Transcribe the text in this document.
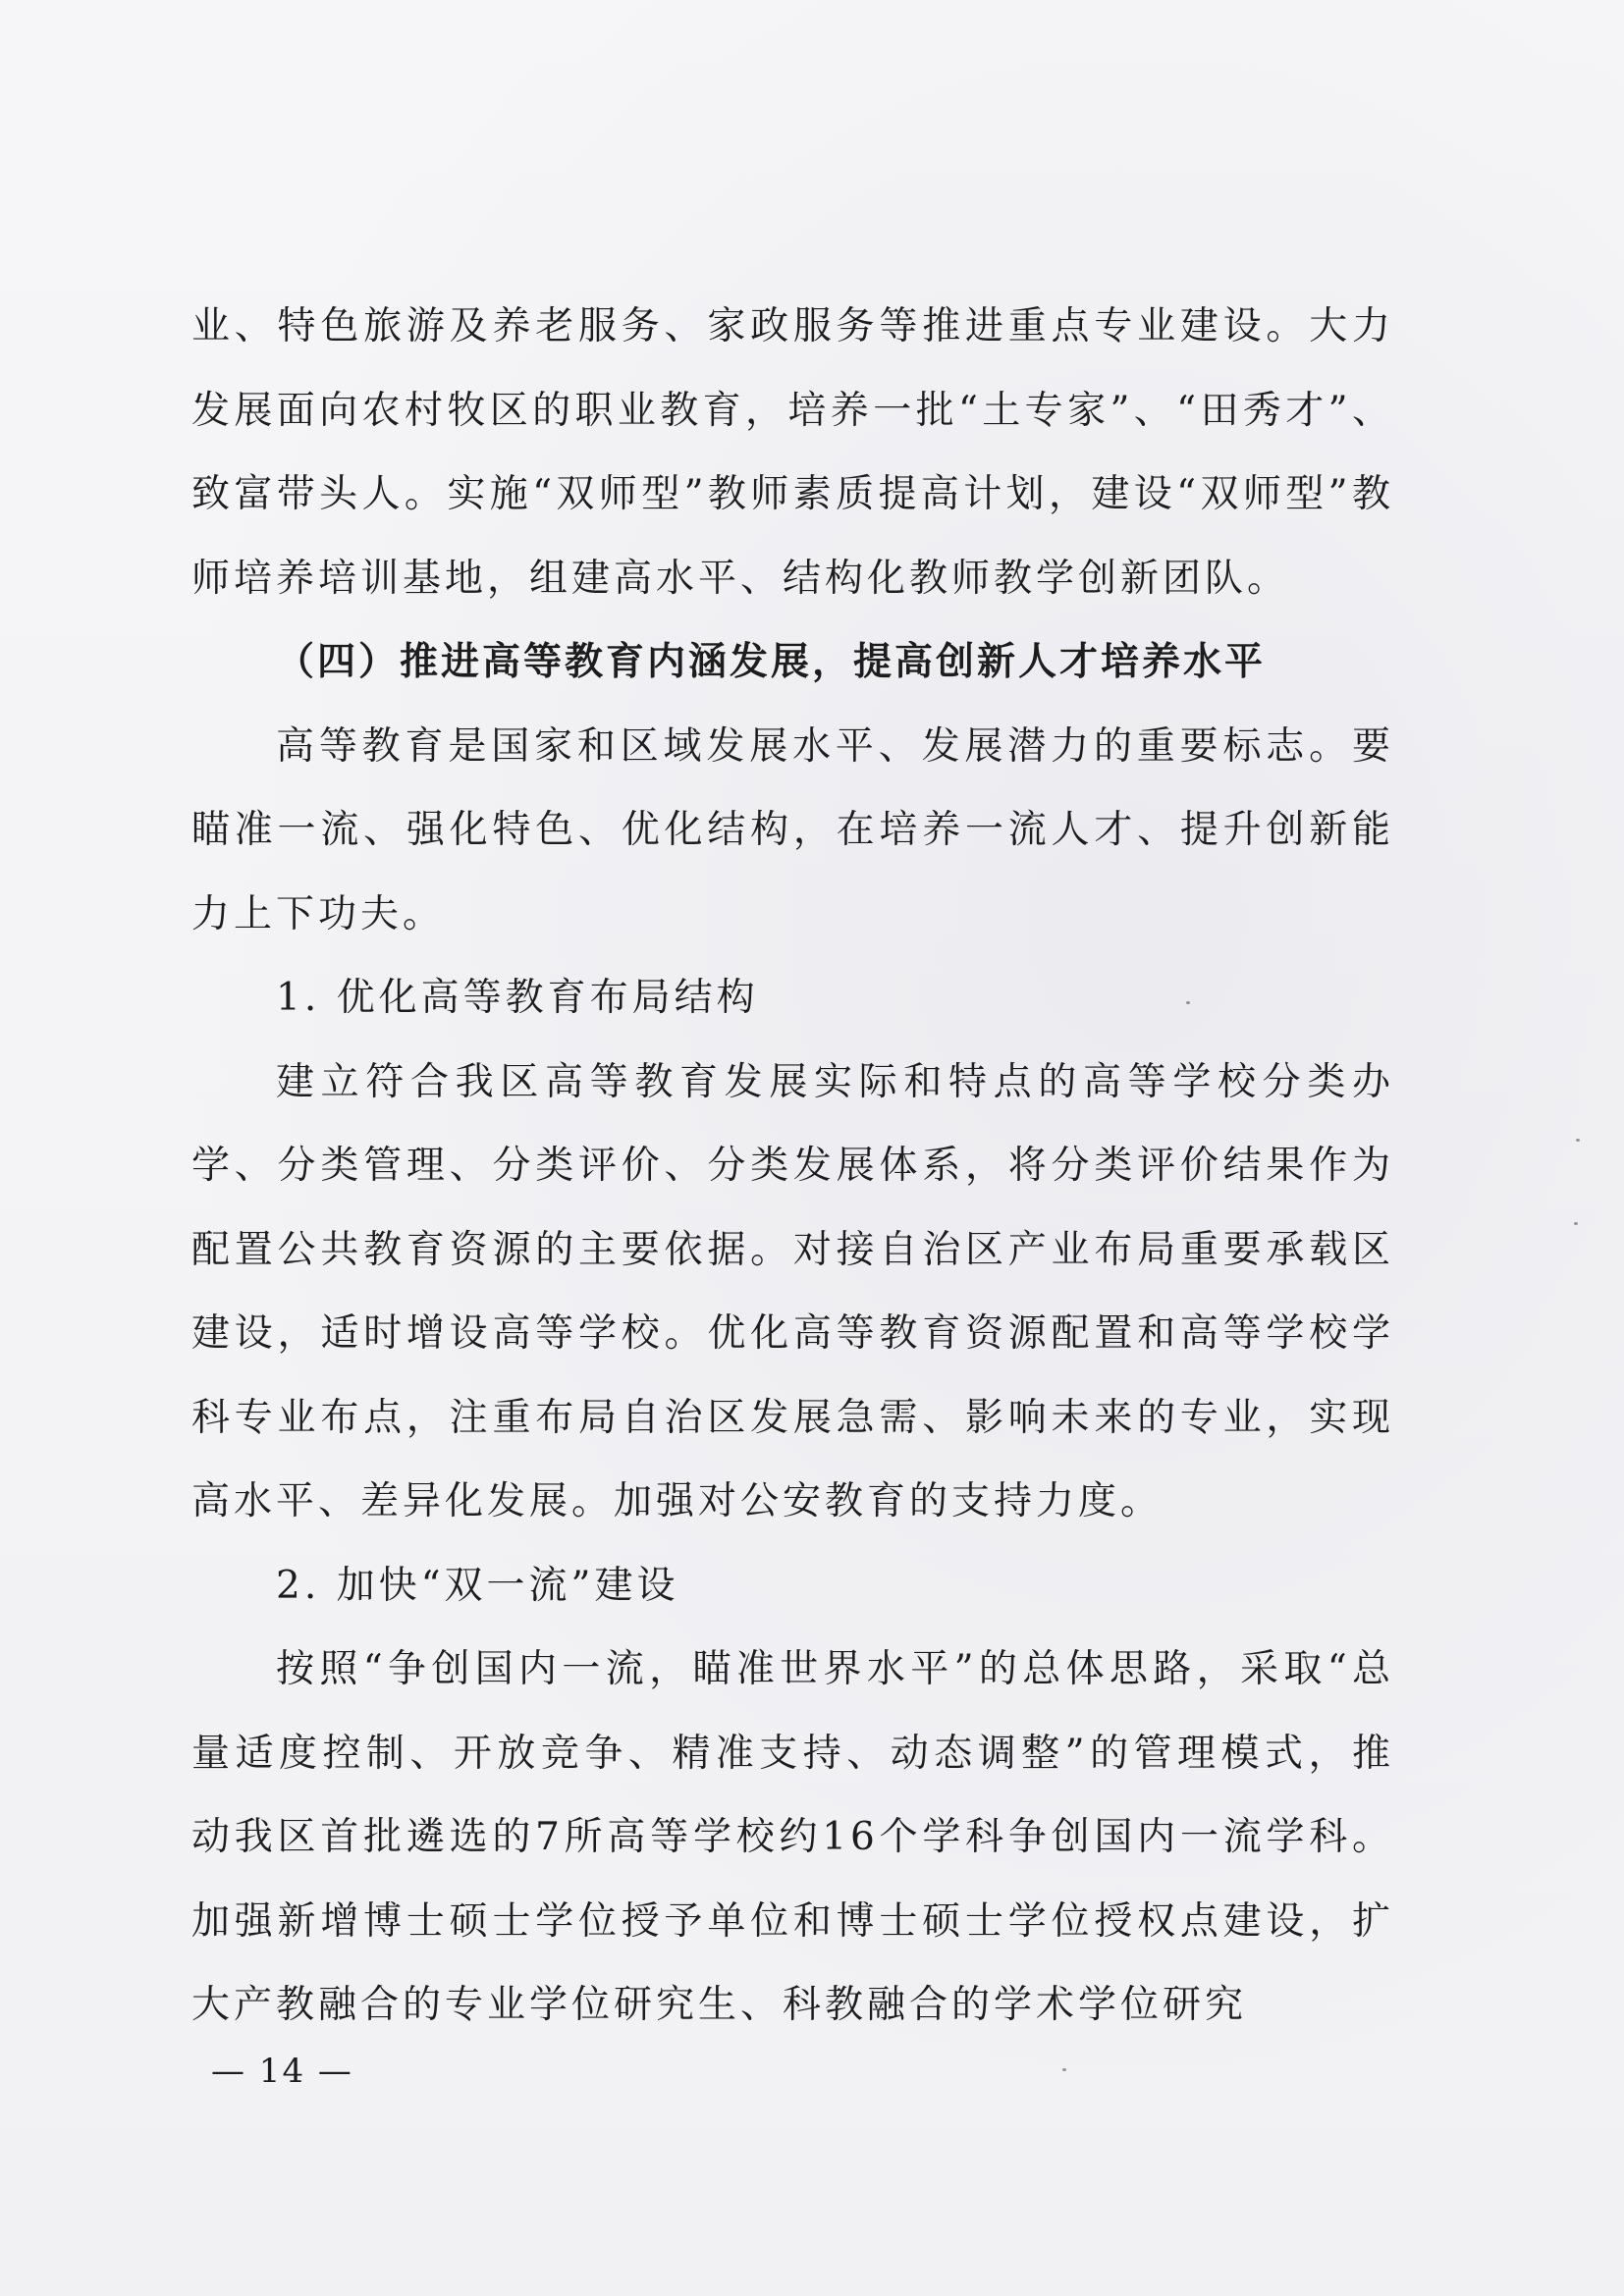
业、特色旅游及养老服务、家政服务等推进重点专业建设。大力发展面向农村牧区的职业教育，培养一批“土专家”、“田秀才”、致富带头人。实施“双师型”教师素质提高计划，建设“双师型”教师培养培训基地，组建高水平、结构化教师教学创新团队。

（四）推进高等教育内涵发展，提高创新人才培养水平

高等教育是国家和区域发展水平、发展潜力的重要标志。要瞄准一流、强化特色、优化结构，在培养一流人才、提升创新能力上下功夫。

1. 优化高等教育布局结构

建立符合我区高等教育发展实际和特点的高等学校分类办学、分类管理、分类评价、分类发展体系，将分类评价结果作为配置公共教育资源的主要依据。对接自治区产业布局重要承载区建设，适时增设高等学校。优化高等教育资源配置和高等学校学科专业布点，注重布局自治区发展急需、影响未来的专业，实现高水平、差异化发展。加强对公安教育的支持力度。

2. 加快“双一流”建设

按照“争创国内一流，瞄准世界水平”的总体思路，采取“总量适度控制、开放竞争、精准支持、动态调整”的管理模式，推动我区首批遴选的7所高等学校约16个学科争创国内一流学科。加强新增博士硕士学位授予单位和博士硕士学位授权点建设，扩大产教融合的专业学位研究生、科教融合的学术学位研究

— 14 —
